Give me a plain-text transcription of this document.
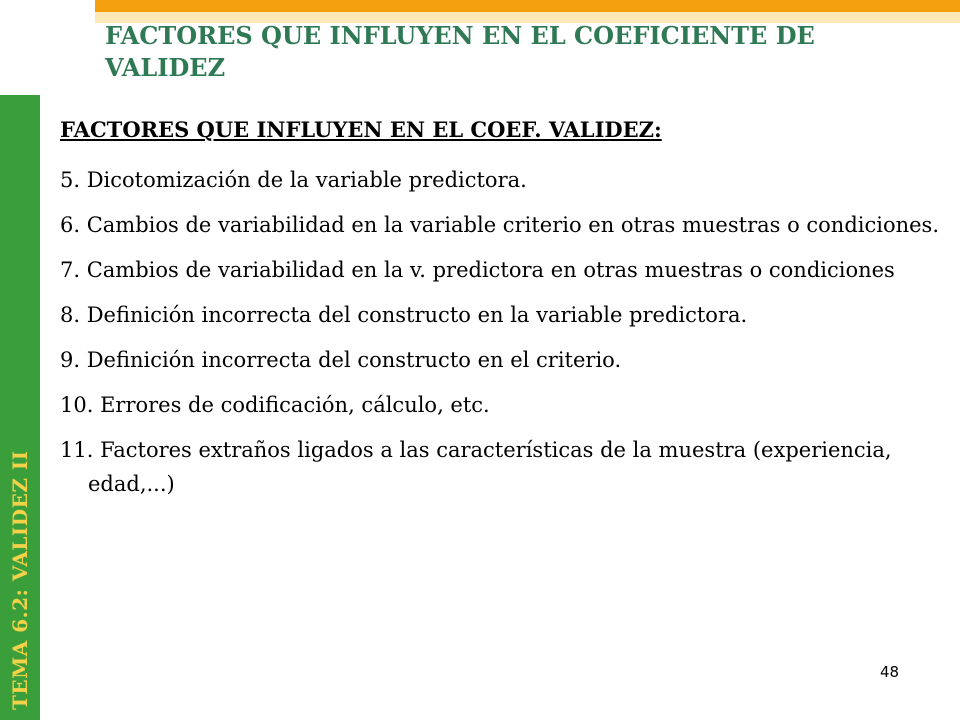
TEMA 6.2: VALIDEZ II
FACTORES QUE INFLUYEN EN EL COEFICIENTE DE VALIDEZ

FACTORES QUE INFLUYEN EN EL COEF. VALIDEZ:

5. Dicotomización de la variable predictora.
6. Cambios de variabilidad en la variable criterio en otras muestras o condiciones.
7. Cambios de variabilidad en la v. predictora en otras muestras o condiciones
8. Definición incorrecta del constructo en la variable predictora.
9. Definición incorrecta del constructo en el criterio.
10. Errores de codificación, cálculo, etc.
11. Factores extraños ligados a las características de la muestra (experiencia, edad,...)
48
